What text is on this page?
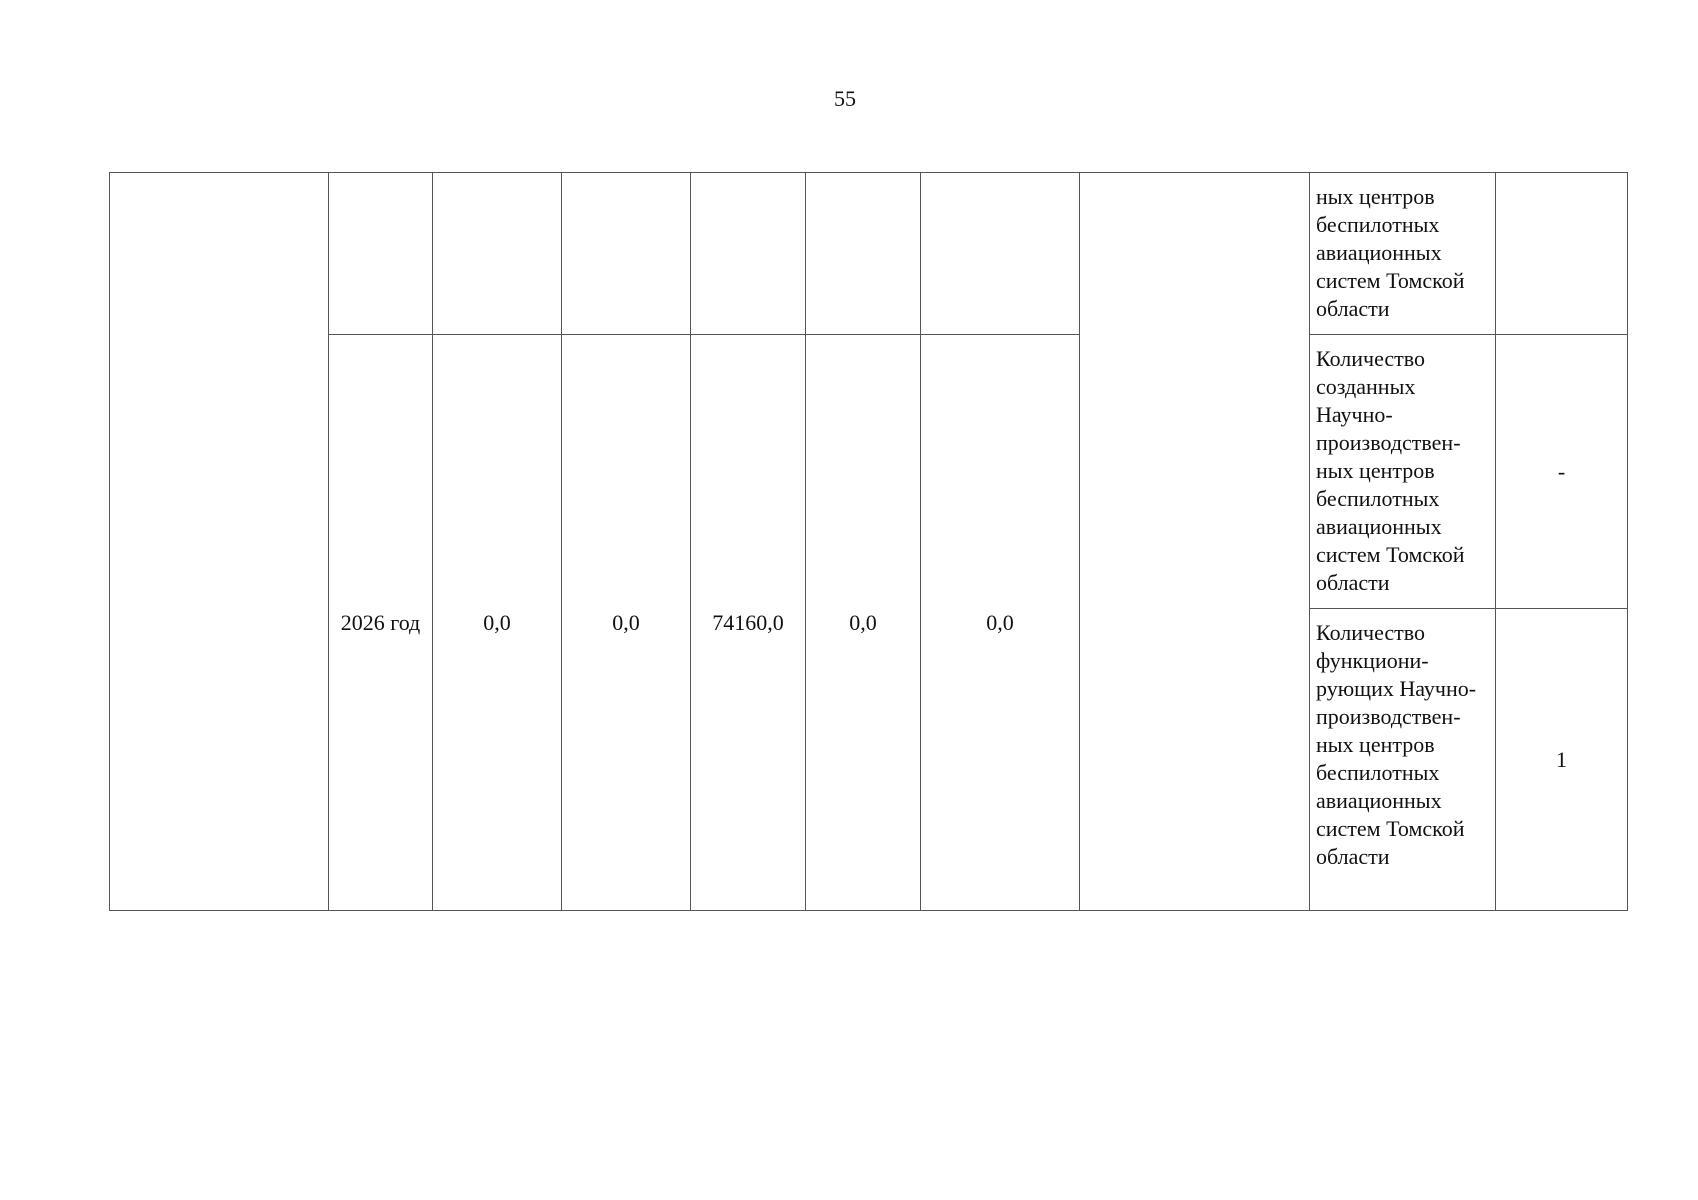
55
								ных центров беспилотных авиационных систем Томской области	
	2026 год	0,0	0,0	74160,0	0,0	0,0		Количество созданных Научно-производствен-ных центров беспилотных авиационных систем Томской области	-
								Количество функциони-рующих Научно-производствен-ных центров беспилотных авиационных систем Томской области	1
